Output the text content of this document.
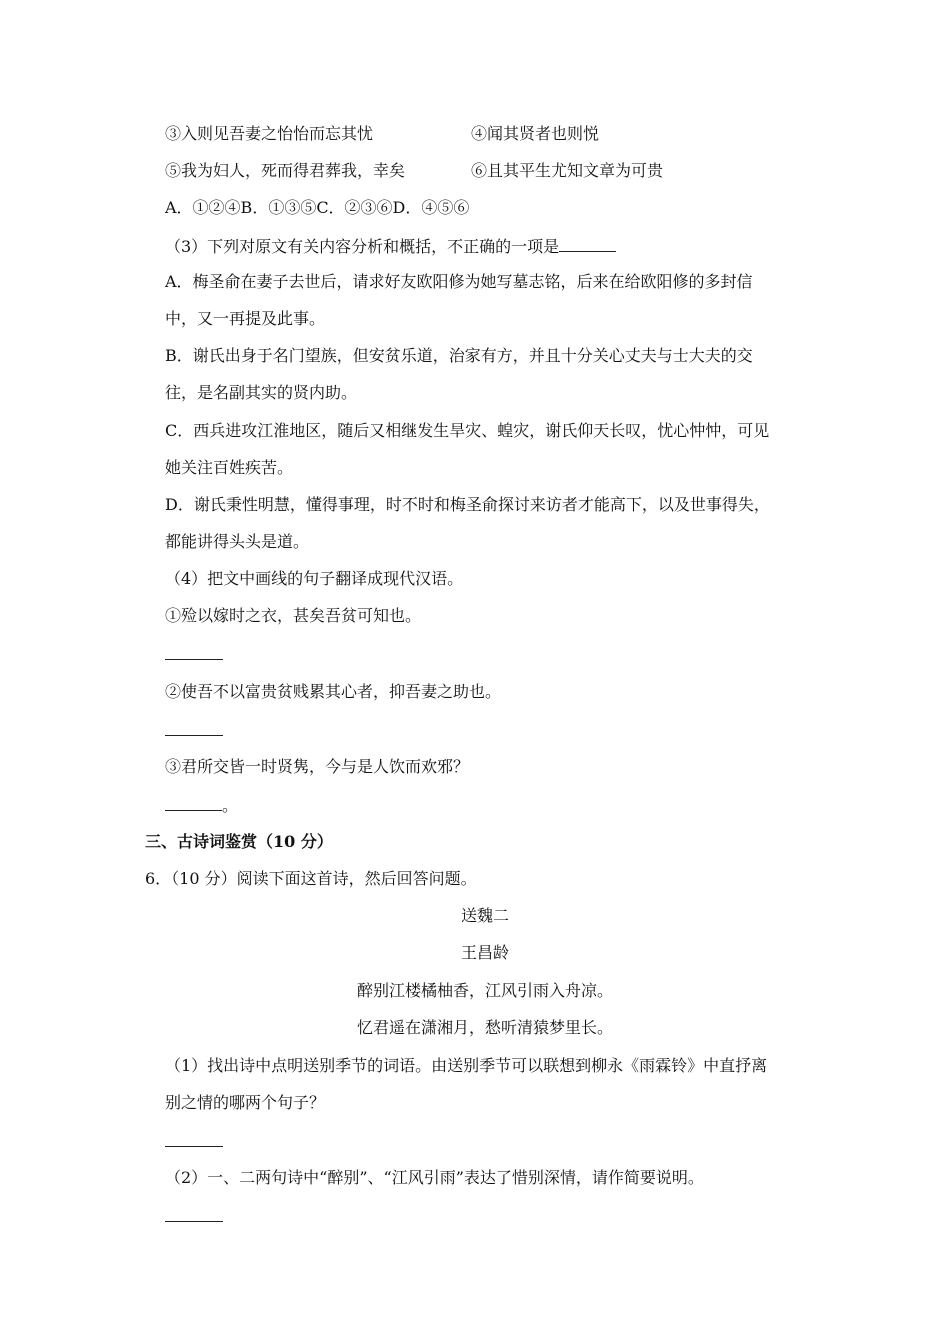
③入则见吾妻之怡怡而忘其忧	④闻其贤者也则悦
⑤我为妇人，死而得君葬我，幸矣	⑥且其平生尤知文章为可贵
A．①②④B．①③⑤C．②③⑥D．④⑤⑥
（3）下列对原文有关内容分析和概括，不正确的一项是
A．梅圣俞在妻子去世后，请求好友欧阳修为她写墓志铭，后来在给欧阳修的多封信
中，又一再提及此事。
B．谢氏出身于名门望族，但安贫乐道，治家有方，并且十分关心丈夫与士大夫的交
往，是名副其实的贤内助。
C．西兵进攻江淮地区，随后又相继发生旱灾、蝗灾，谢氏仰天长叹，忧心忡忡，可见
她关注百姓疾苦。
D．谢氏秉性明慧，懂得事理，时不时和梅圣俞探讨来访者才能高下，以及世事得失，
都能讲得头头是道。
（4）把文中画线的句子翻译成现代汉语。
①殓以嫁时之衣，甚矣吾贫可知也。
②使吾不以富贵贫贱累其心者，抑吾妻之助也。
③君所交皆一时贤隽，今与是人饮而欢邪？
。
三、古诗词鉴赏（10 分）
6．（10 分）阅读下面这首诗，然后回答问题。
送魏二
王昌龄
醉别江楼橘柚香，江风引雨入舟凉。
忆君遥在潇湘月，愁听清猿梦里长。
（1）找出诗中点明送别季节的词语。由送别季节可以联想到柳永《雨霖铃》中直抒离
别之情的哪两个句子？
（2）一、二两句诗中“醉别”、“江风引雨”表达了惜别深情，请作简要说明。
